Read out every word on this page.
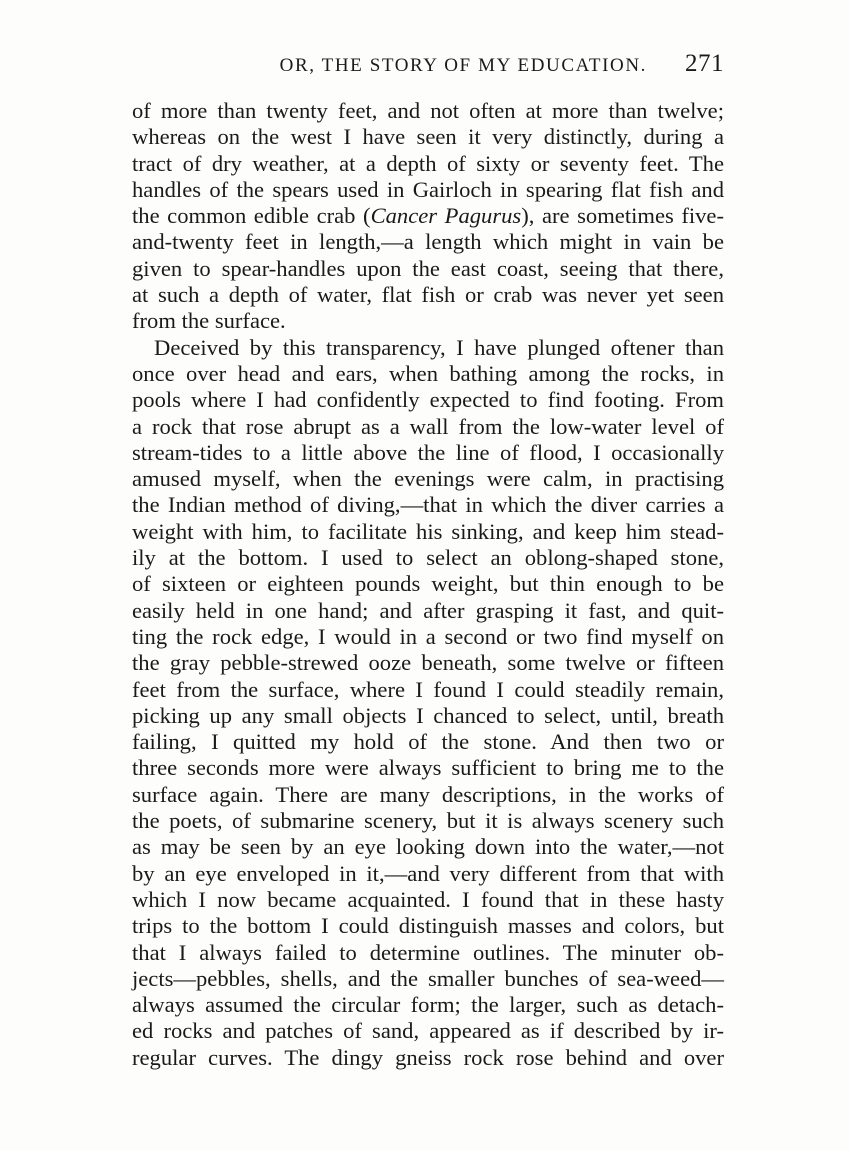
OR, THE STORY OF MY EDUCATION. 271
of more than twenty feet, and not often at more than twelve;
whereas on the west I have seen it very distinctly, during a
tract of dry weather, at a depth of sixty or seventy feet. The
handles of the spears used in Gairloch in spearing flat fish and
the common edible crab (Cancer Pagurus), are sometimes five-
and-twenty feet in length,—a length which might in vain be
given to spear-handles upon the east coast, seeing that there,
at such a depth of water, flat fish or crab was never yet seen
from the surface.
Deceived by this transparency, I have plunged oftener than
once over head and ears, when bathing among the rocks, in
pools where I had confidently expected to find footing. From
a rock that rose abrupt as a wall from the low-water level of
stream-tides to a little above the line of flood, I occasionally
amused myself, when the evenings were calm, in practising
the Indian method of diving,—that in which the diver carries a
weight with him, to facilitate his sinking, and keep him stead-
ily at the bottom. I used to select an oblong-shaped stone,
of sixteen or eighteen pounds weight, but thin enough to be
easily held in one hand; and after grasping it fast, and quit-
ting the rock edge, I would in a second or two find myself on
the gray pebble-strewed ooze beneath, some twelve or fifteen
feet from the surface, where I found I could steadily remain,
picking up any small objects I chanced to select, until, breath
failing, I quitted my hold of the stone. And then two or
three seconds more were always sufficient to bring me to the
surface again. There are many descriptions, in the works of
the poets, of submarine scenery, but it is always scenery such
as may be seen by an eye looking down into the water,—not
by an eye enveloped in it,—and very different from that with
which I now became acquainted. I found that in these hasty
trips to the bottom I could distinguish masses and colors, but
that I always failed to determine outlines. The minuter ob-
jects—pebbles, shells, and the smaller bunches of sea-weed—
always assumed the circular form; the larger, such as detach-
ed rocks and patches of sand, appeared as if described by ir-
regular curves. The dingy gneiss rock rose behind and over
